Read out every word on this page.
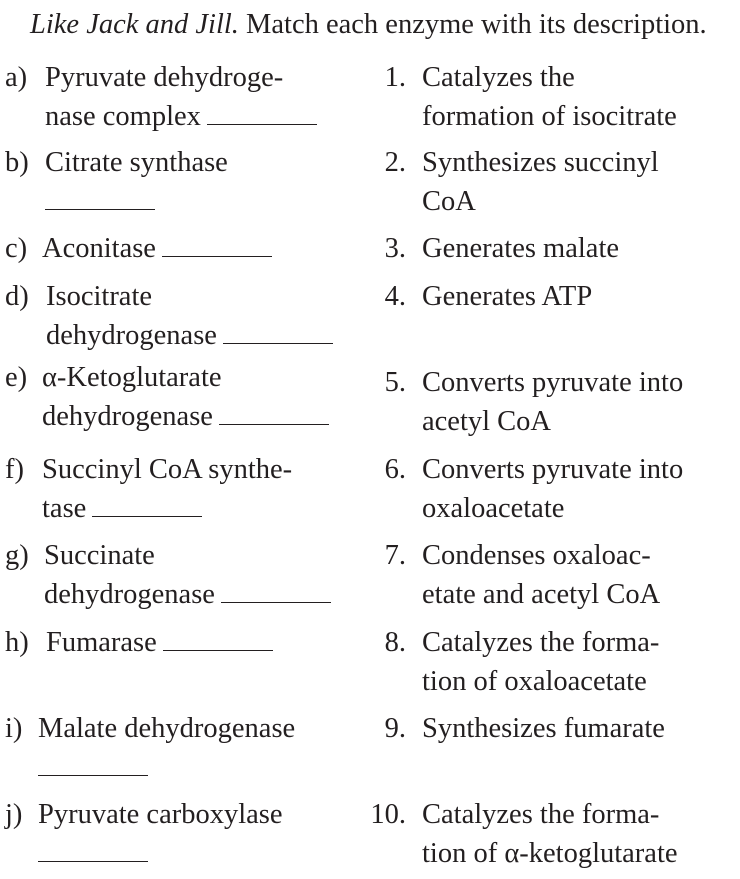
Like Jack and Jill. Match each enzyme with its description.
a) Pyruvate dehydroge-
nase complex
b) Citrate synthase
c) Aconitase
d) Isocitrate
dehydrogenase
e) α-Ketoglutarate
dehydrogenase
f) Succinyl CoA synthe-
tase
g) Succinate
dehydrogenase
h) Fumarase
i) Malate dehydrogenase
j) Pyruvate carboxylase
1. Catalyzes the
formation of isocitrate
2. Synthesizes succinyl
CoA
3. Generates malate
4. Generates ATP
5. Converts pyruvate into
acetyl CoA
6. Converts pyruvate into
oxaloacetate
7. Condenses oxaloac-
etate and acetyl CoA
8. Catalyzes the forma-
tion of oxaloacetate
9. Synthesizes fumarate
10. Catalyzes the forma-
tion of α-ketoglutarate
